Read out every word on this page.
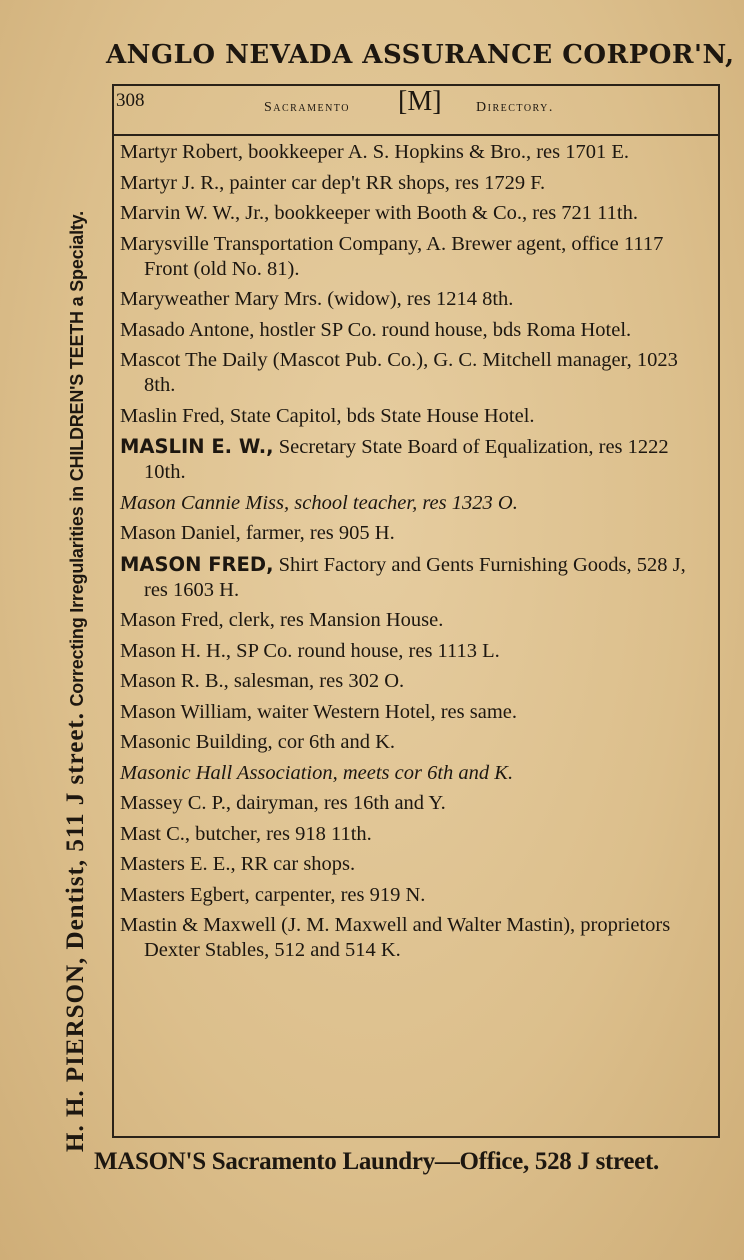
ANGLO NEVADA ASSURANCE CORPOR'N,
H. H. PIERSON, Dentist, 511 J street. Correcting Irregularities in CHILDREN'S TEETH a Specialty.
308	Sacramento [M] Directory.
Martyr Robert, bookkeeper A. S. Hopkins & Bro., res 1701 E.
Martyr J. R., painter car dep't RR shops, res 1729 F.
Marvin W. W., Jr., bookkeeper with Booth & Co., res 721 11th.
Marysville Transportation Company, A. Brewer agent, office 1117 Front (old No. 81).
Maryweather Mary Mrs. (widow), res 1214 8th.
Masado Antone, hostler SP Co. round house, bds Roma Hotel.
Mascot The Daily (Mascot Pub. Co.), G. C. Mitchell manager, 1023 8th.
Maslin Fred, State Capitol, bds State House Hotel.
MASLIN E. W., Secretary State Board of Equalization, res 1222 10th.
Mason Cannie Miss, school teacher, res 1323 O.
Mason Daniel, farmer, res 905 H.
MASON FRED, Shirt Factory and Gents Furnishing Goods, 528 J, res 1603 H.
Mason Fred, clerk, res Mansion House.
Mason H. H., SP Co. round house, res 1113 L.
Mason R. B., salesman, res 302 O.
Mason William, waiter Western Hotel, res same.
Masonic Building, cor 6th and K.
Masonic Hall Association, meets cor 6th and K.
Massey C. P., dairyman, res 16th and Y.
Mast C., butcher, res 918 11th.
Masters E. E., RR car shops.
Masters Egbert, carpenter, res 919 N.
Mastin & Maxwell (J. M. Maxwell and Walter Mastin), proprietors Dexter Stables, 512 and 514 K.
MASON'S Sacramento Laundry—Office, 528 J street.
